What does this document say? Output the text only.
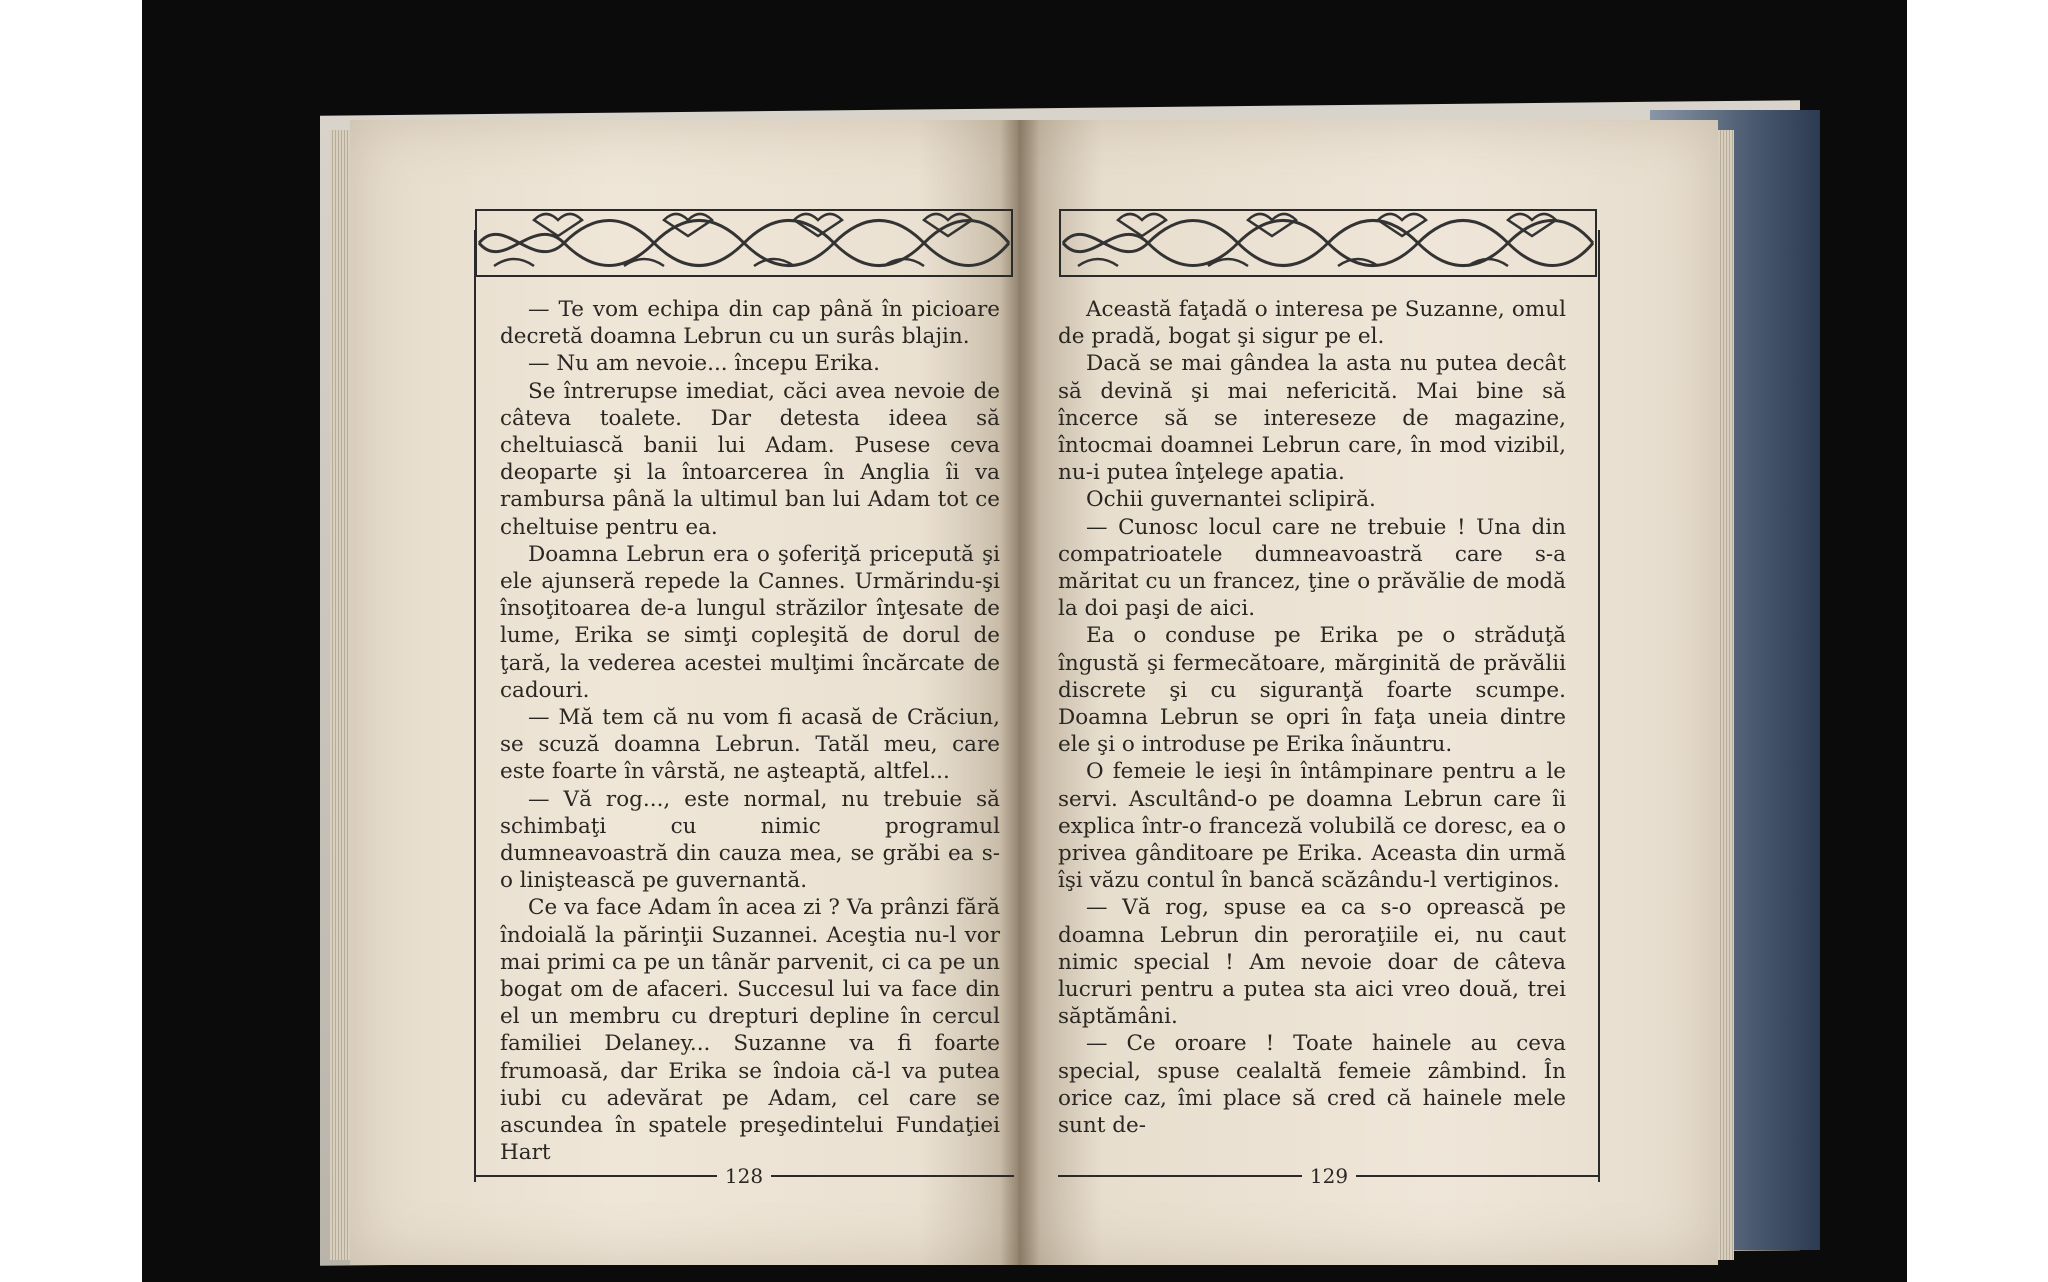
— Te vom echipa din cap până în picioare decretă doamna Lebrun cu un surâs blajin.

— Nu am nevoie... începu Erika.

Se întrerupse imediat, căci avea nevoie de câteva toalete. Dar detesta ideea să cheltuiască banii lui Adam. Pusese ceva deoparte şi la întoarcerea în Anglia îi va rambursa până la ultimul ban lui Adam tot ce cheltuise pentru ea.

Doamna Lebrun era o şoferiţă pricepută şi ele ajunseră repede la Cannes. Urmărindu-şi însoţitoarea de-a lungul străzilor înţesate de lume, Erika se simţi copleşită de dorul de ţară, la vederea acestei mulţimi încărcate de cadouri.

— Mă tem că nu vom fi acasă de Crăciun, se scuză doamna Lebrun. Tatăl meu, care este foarte în vârstă, ne aşteaptă, altfel...

— Vă rog..., este normal, nu trebuie să schimbaţi cu nimic programul dumneavoastră din cauza mea, se grăbi ea s-o liniştească pe guvernantă.

Ce va face Adam în acea zi ? Va prânzi fără îndoială la părinţii Suzannei. Aceştia nu-l vor mai primi ca pe un tânăr parvenit, ci ca pe un bogat om de afaceri. Succesul lui va face din el un membru cu drepturi depline în cercul familiei Delaney... Suzanne va fi foarte frumoasă, dar Erika se îndoia că-l va putea iubi cu adevărat pe Adam, cel care se ascundea în spatele preşedintelui Fundaţiei Hart

Această faţadă o interesa pe Suzanne, omul de pradă, bogat şi sigur pe el.

Dacă se mai gândea la asta nu putea decât să devină şi mai nefericită. Mai bine să încerce să se intereseze de magazine, întocmai doamnei Lebrun care, în mod vizibil, nu-i putea înţelege apatia.

Ochii guvernantei sclipiră.

— Cunosc locul care ne trebuie ! Una din compatrioatele dumneavoastră care s-a măritat cu un francez, ţine o prăvălie de modă la doi paşi de aici.

Ea o conduse pe Erika pe o străduţă îngustă şi fermecătoare, mărginită de prăvălii discrete şi cu siguranţă foarte scumpe. Doamna Lebrun se opri în faţa uneia dintre ele şi o introduse pe Erika înăuntru.

O femeie le ieşi în întâmpinare pentru a le servi. Ascultând-o pe doamna Lebrun care îi explica într-o franceză volubilă ce doresc, ea o privea gânditoare pe Erika. Aceasta din urmă îşi văzu contul în bancă scăzându-l vertiginos.

— Vă rog, spuse ea ca s-o oprească pe doamna Lebrun din peroraţiile ei, nu caut nimic special ! Am nevoie doar de câteva lucruri pentru a putea sta aici vreo două, trei săptămâni.

— Ce oroare ! Toate hainele au ceva special, spuse cealaltă femeie zâmbind. În orice caz, îmi place să cred că hainele mele sunt de-

128	129
